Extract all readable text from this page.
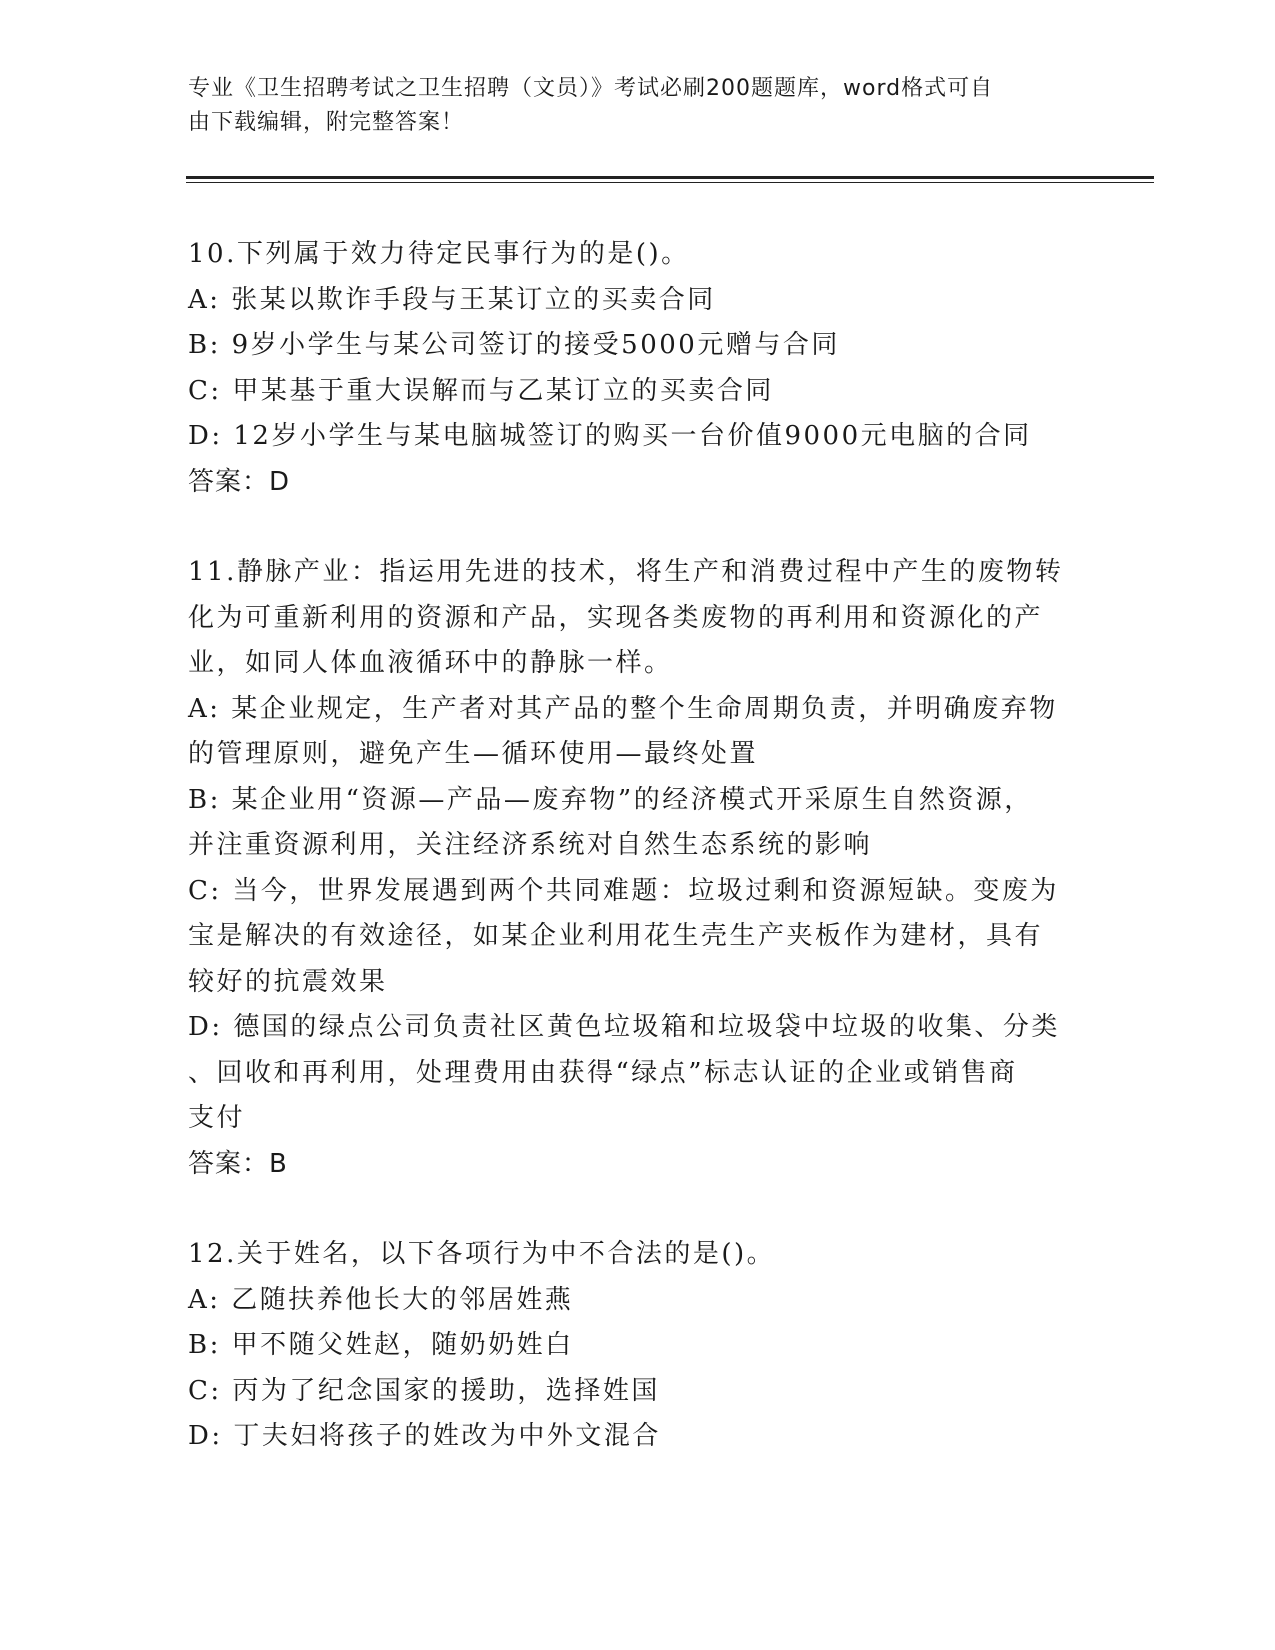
专业《卫生招聘考试之卫生招聘（文员）》考试必刷200题题库，word格式可自
由下载编辑，附完整答案！
10.下列属于效力待定民事行为的是()。
A: 张某以欺诈手段与王某订立的买卖合同
B: 9岁小学生与某公司签订的接受5000元赠与合同
C: 甲某基于重大误解而与乙某订立的买卖合同
D: 12岁小学生与某电脑城签订的购买一台价值9000元电脑的合同
答案：D
11.静脉产业：指运用先进的技术，将生产和消费过程中产生的废物转
化为可重新利用的资源和产品，实现各类废物的再利用和资源化的产
业，如同人体血液循环中的静脉一样。
A: 某企业规定，生产者对其产品的整个生命周期负责，并明确废弃物
的管理原则，避免产生—循环使用—最终处置
B: 某企业用“资源—产品—废弃物”的经济模式开采原生自然资源，
并注重资源利用，关注经济系统对自然生态系统的影响
C: 当今，世界发展遇到两个共同难题：垃圾过剩和资源短缺。变废为
宝是解决的有效途径，如某企业利用花生壳生产夹板作为建材，具有
较好的抗震效果
D: 德国的绿点公司负责社区黄色垃圾箱和垃圾袋中垃圾的收集、分类
、回收和再利用，处理费用由获得“绿点”标志认证的企业或销售商
支付
答案：B
12.关于姓名，以下各项行为中不合法的是()。
A: 乙随扶养他长大的邻居姓燕
B: 甲不随父姓赵，随奶奶姓白
C: 丙为了纪念国家的援助，选择姓国
D: 丁夫妇将孩子的姓改为中外文混合
